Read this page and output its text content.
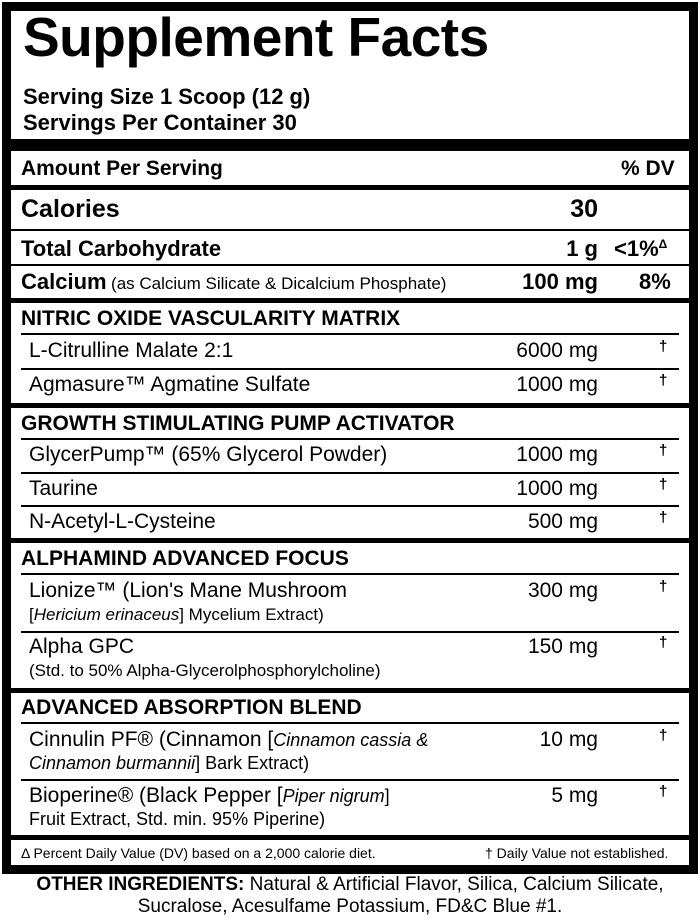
Supplement Facts
Serving Size 1 Scoop (12 g)
Servings Per Container 30
Amount Per Serving	% DV
Calories	30
Total Carbohydrate	1 g <1%$^\Delta$
Calcium (as Calcium Silicate & Dicalcium Phosphate)	100 mg 8%
NITRIC OXIDE VASCULARITY MATRIX
L-Citrulline Malate 2:1	6000 mg	†
Agmasure™ Agmatine Sulfate	1000 mg	†
GROWTH STIMULATING PUMP ACTIVATOR
GlycerPump™ (65% Glycerol Powder)	1000 mg	†
Taurine	1000 mg	†
N-Acetyl-L-Cysteine	500 mg	†
ALPHAMIND ADVANCED FOCUS
Lionize™ (Lion's Mane Mushroom
[Hericium erinaceus] Mycelium Extract)
300 mg	†
Alpha GPC
(Std. to 50% Alpha-Glycerolphosphorylcholine)
150 mg	†
ADVANCED ABSORPTION BLEND
Cinnulin PF® (Cinnamon [Cinnamon cassia &
Cinnamon burmannii] Bark Extract)
10 mg	†
Bioperine® (Black Pepper [Piper nigrum]
Fruit Extract, Std. min. 95% Piperine)
5 mg	†
Δ Percent Daily Value (DV) based on a 2,000 calorie diet.	† Daily Value not established.
OTHER INGREDIENTS: Natural & Artificial Flavor, Silica, Calcium Silicate,
Sucralose, Acesulfame Potassium, FD&C Blue #1.
